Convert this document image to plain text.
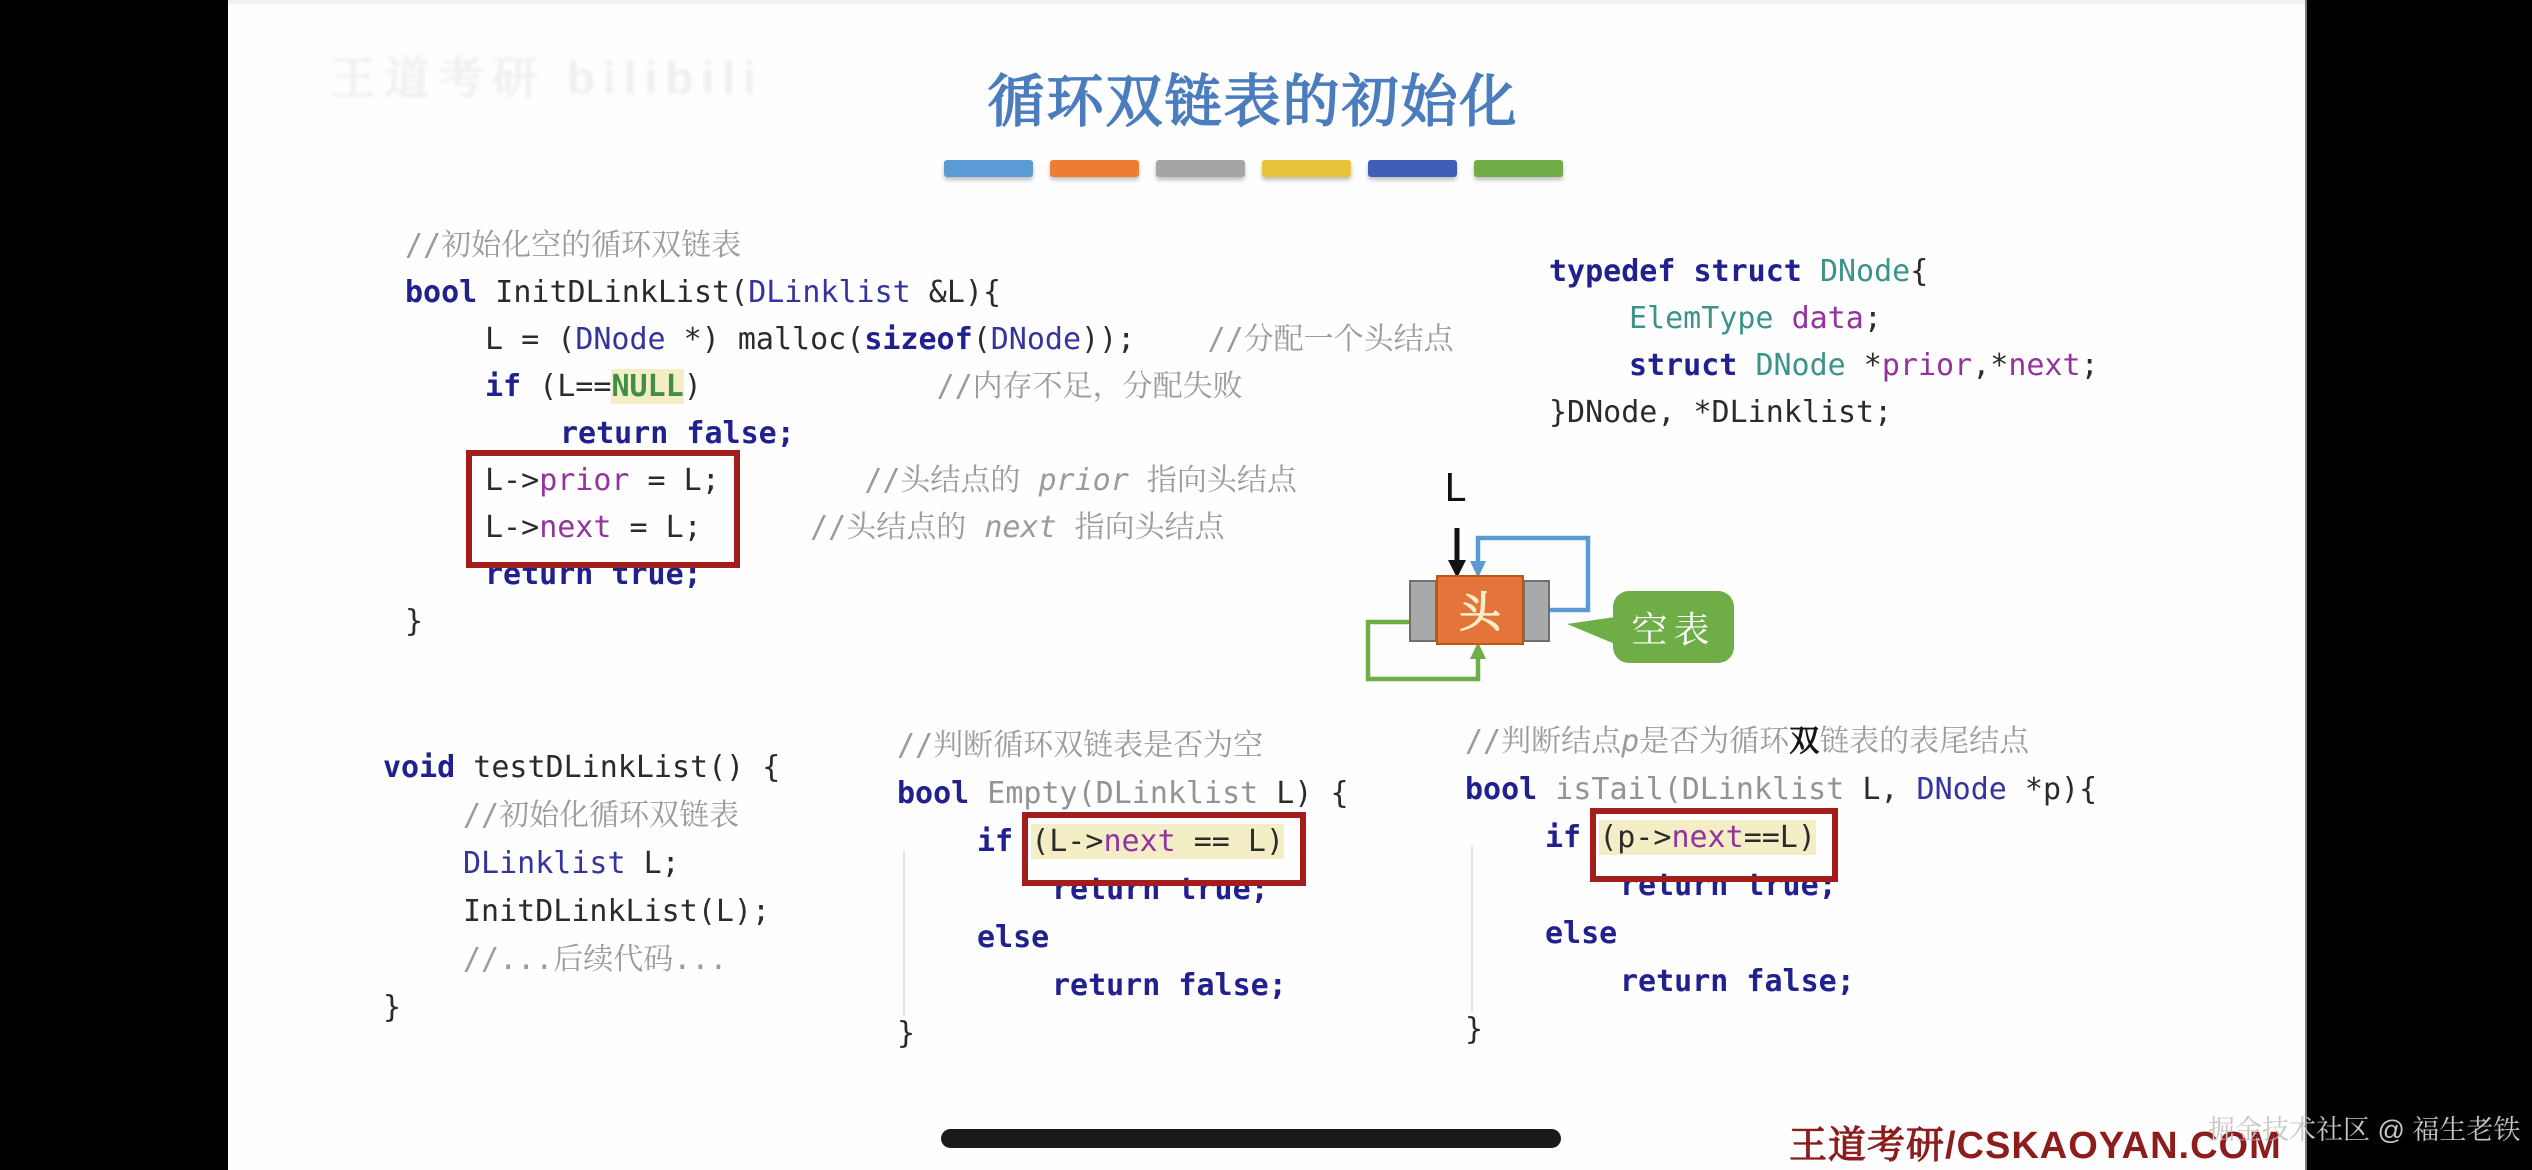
王道考研 bilibili	循环双链表的初始化
//初始化空的循环双链表
bool InitDLinkList(DLinklist &L){
L = (DNode *) malloc(sizeof(DNode));    //分配一个头结点
if (L==NULL)             //内存不足，分配失败
return false;
L->prior = L;        //头结点的 prior 指向头结点
L->next = L;      //头结点的 next 指向头结点
return true;
}
typedef struct DNode{
ElemType data;
struct DNode *prior,*next;
}DNode, *DLinklist;
void testDLinkList() {
//初始化循环双链表
DLinklist L;
InitDLinkList(L);
//...后续代码...
}
//判断循环双链表是否为空
bool Empty(DLinklist L) {
if (L->next == L)
return true;
else
return false;
}
//判断结点p是否为循环双链表的表尾结点
bool isTail(DLinklist L, DNode *p){
if (p->next==L)
return true;
else
return false;
}
L
头	空表
王道考研/CSKAOYAN.COM
掘金技术社区 @ 福生老铁
